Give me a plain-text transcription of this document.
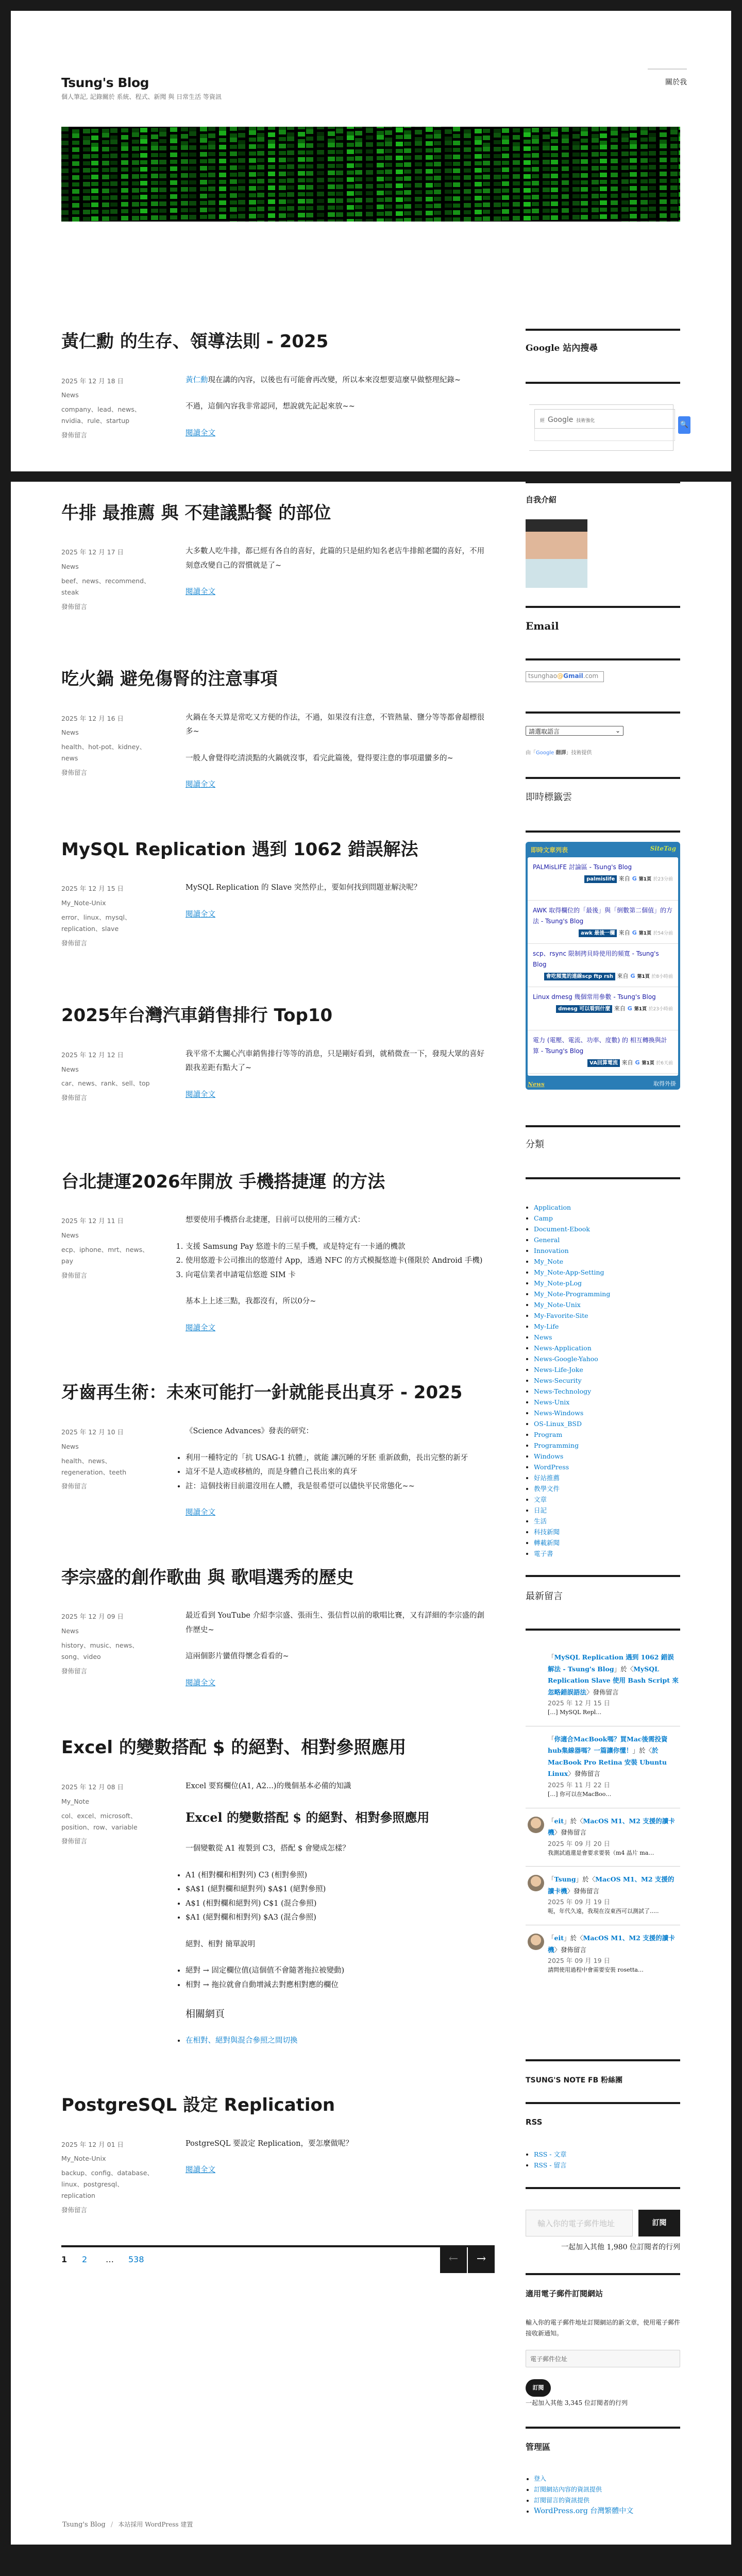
Tsung's Blog
個人筆記, 記錄關於 系統、程式、新聞 與 日常生活 等資訊
關於我
黃仁勳 的生存、領導法則 - 2025
2025 年 12 月 18 日
News
company、lead、news、nvidia、rule、startup
發佈留言

黃仁勳現在講的內容，以後也有可能會再改變，所以本來沒想要這麼早做整理紀錄~

不過，這個內容我非常認同，想說就先記起來放~~

閱讀全文
牛排 最推薦 與 不建議點餐 的部位
2025 年 12 月 17 日
News
beef、news、recommend、steak
發佈留言

大多數人吃牛排，都已經有各自的喜好，此篇的只是紐約知名老店牛排館老闆的喜好，不用刻意改變自己的習慣就是了~

閱讀全文
吃火鍋 避免傷腎的注意事項
2025 年 12 月 16 日
News
health、hot-pot、kidney、news
發佈留言

火鍋在冬天算是常吃又方便的作法，不過，如果沒有注意，不管熱量、鹽分等等都會超標很多~

一般人會覺得吃清淡點的火鍋就沒事，看完此篇後，覺得要注意的事項還蠻多的~

閱讀全文
MySQL Replication 遇到 1062 錯誤解法
2025 年 12 月 15 日
My_Note-Unix
error、linux、mysql、replication、slave
發佈留言

MySQL Replication 的 Slave 突然停止，要如何找到問題並解決呢？

閱讀全文
2025年台灣汽車銷售排行 Top10
2025 年 12 月 12 日
News
car、news、rank、sell、top
發佈留言

我平常不太關心汽車銷售排行等等的消息，只是剛好看到，就稍微查一下，發現大眾的喜好跟我差距有點大了~

閱讀全文
台北捷運2026年開放 手機搭捷運 的方法
2025 年 12 月 11 日
News
ecp、iphone、mrt、news、pay
發佈留言

想要使用手機搭台北捷運，目前可以使用的三種方式：

1. 支援 Samsung Pay 悠遊卡的三星手機，或是特定有一卡通的機款
2. 使用悠遊卡公司推出的悠遊付 App，透過 NFC 的方式模擬悠遊卡(僅限於 Android 手機)
3. 向電信業者申請電信悠遊 SIM 卡

基本上上述三點，我都沒有，所以0分~

閱讀全文
牙齒再生術：未來可能打一針就能長出真牙 - 2025
2025 年 12 月 10 日
News
health、news、regeneration、teeth
發佈留言

《Science Advances》發表的研究：

• 利用一種特定的「抗 USAG-1 抗體」，就能 讓沉睡的牙胚 重新啟動，長出完整的新牙
• 這牙不是人造或移植的，而是身體自己長出來的真牙
• 註：這個技術目前還沒用在人體，我是很希望可以儘快平民常態化~~
閱讀全文
李宗盛的創作歌曲 與 歌唱選秀的歷史
2025 年 12 月 09 日
News
history、music、news、song、video
發佈留言

最近看到 YouTube 介紹李宗盛、張雨生、張信哲以前的歌唱比賽，又有詳細的李宗盛的創作歷史~

這兩個影片蠻值得懷念看看的~

閱讀全文
Excel 的變數搭配 $ 的絕對、相對參照應用
2025 年 12 月 08 日
My_Note
col、excel、microsoft、position、row、variable
發佈留言

Excel 要寫欄位(A1, A2...)的幾個基本必備的知識

Excel 的變數搭配 $ 的絕對、相對參照應用

一個變數從 A1 複製到 C3，搭配 $ 會變成怎樣？

• A1 (相對欄和相對列) C3 (相對參照)
• $A$1 (絕對欄和絕對列) $A$1 (絕對參照)
• A$1 (相對欄和絕對列) C$1 (混合參照)
• $A1 (絕對欄和相對列) $A3 (混合參照)

絕對、相對 簡單說明

• 絕對 → 固定欄位值(這個值不會隨著拖拉被變動)
• 相對 → 拖拉就會自動增減去對應相對應的欄位
相關網頁
• 在相對、絕對與混合參照之間切換
PostgreSQL 設定 Replication
2025 年 12 月 01 日
My_Note-Unix
backup、config、database、linux、postgresql、replication
發佈留言

PostgreSQL 要設定 Replication，要怎麼做呢？

閱讀全文
1 2 … 538	←	→
Google 站內搜尋
經 Google 技術強化	🔍
自我介紹
Email
tsunghao@Gmail.com
請選取語言	⌄
由「Google 翻譯」技術提供
即時標籤雲
即時文章列表	SiteTag
PALMisLIFE 討論區 - Tsung's Blog
palmislife 來自 G 第1頁 於23分前
AWK 取得欄位的「最後」與「倒數第二個值」的方法 - Tsung's Blog
awk 最後一欄 來自 G 第1頁 於54分前
scp、rsync 限制拷貝時使用的頻寬 - Tsung's Blog
會吃頻寬的連線scp ftp rsh 來自 G 第1頁 於8小時前
Linux dmesg 幾個常用參數 - Tsung's Blog
dmesg 可以看到什麼 來自 G 第1頁 於23小時前
電力 (電壓、電流、功率、度數) 的 相互轉換與計算 - Tsung's Blog
VA回算電流 來自 G 第1頁 於6天前
News	取得外掛
分類
• Application
• Camp
• Document-Ebook
• General
• Innovation
• My_Note
• My_Note-App-Setting
• My_Note-pLog
• My_Note-Programming
• My_Note-Unix
• My-Favorite-Site
• My-Life
• News
• News-Application
• News-Google-Yahoo
• News-Life-Joke
• News-Security
• News-Technology
• News-Unix
• News-Windows
• OS-Linux_BSD
• Program
• Programming
• Windows
• WordPress
• 好站推薦
• 教學文件
• 文章
• 日記
• 生活
• 科技新聞
• 轉載新聞
• 電子書
最新留言
「MySQL Replication 遇到 1062 錯誤解法 - Tsung's Blog」於〈MySQL Replication Slave 使用 Bash Script 來忽略錯誤語法〉發佈留言
2025 年 12 月 15 日
[…] MySQL Repl…
「你適合MacBook嗎？買Mac後需投資hub集線器嗎？一篇讓你懂！」於〈於 MacBook Pro Retina 安裝 Ubuntu Linux〉發佈留言
2025 年 11 月 22 日
[…] 你可以在MacBoo…
「eit」於〈MacOS M1、M2 支援的讀卡機〉發佈留言
2025 年 09 月 20 日
我測試過還是會要求要裝（m4 晶片 ma…
「Tsung」於〈MacOS M1、M2 支援的讀卡機〉發佈留言
2025 年 09 月 19 日
呃，年代久遠，我現在沒東西可以測試了.....
「eit」於〈MacOS M1、M2 支援的讀卡機〉發佈留言
2025 年 09 月 19 日
請問使用過程中會需要安裝 rosetta…
TSUNG'S NOTE FB 粉絲團
RSS
• RSS - 文章
• RSS - 留言
輸入你的電子郵件地址	訂閱
一起加入其他 1,980 位訂閱者的行列
適用電子郵件訂閱網站
輸入你的電子郵件地址訂閱網站的新文章，使用電子郵件接收新通知。
電子郵件位址
訂閱
一起加入其他 3,345 位訂閱者的行列
管理區
• 登入
• 訂閱網站內容的資訊提供
• 訂閱留言的資訊提供
• WordPress.org 台灣繁體中文
Tsung's Blog / 本站採用 WordPress 建置
